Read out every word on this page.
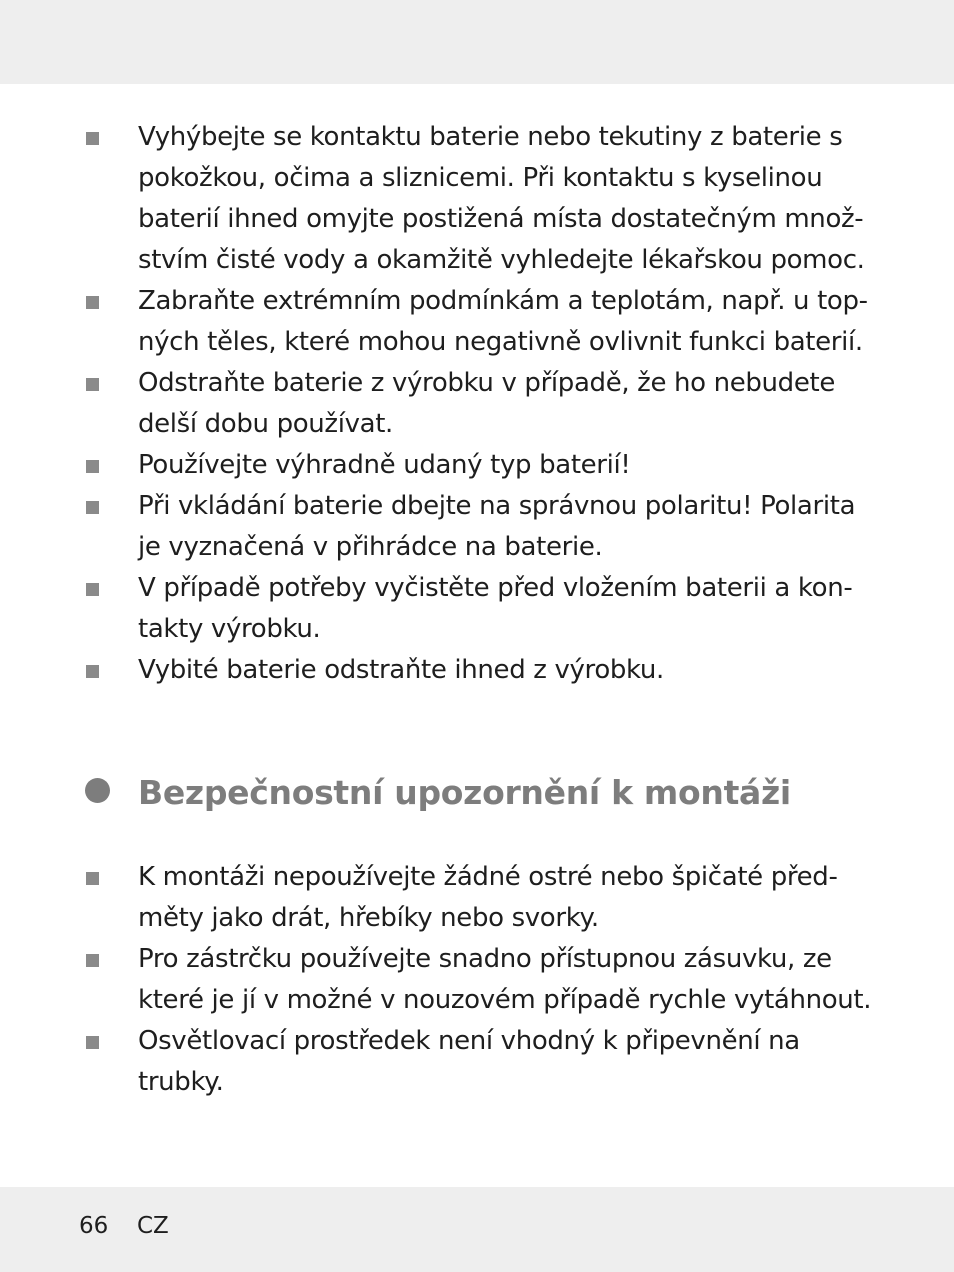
Vyhýbejte se kontaktu baterie nebo tekutiny z baterie s
pokožkou, očima a sliznicemi. Při kontaktu s kyselinou
baterií ihned omyjte postižená místa dostatečným množ-
stvím čisté vody a okamžitě vyhledejte lékařskou pomoc.
Zabraňte extrémním podmínkám a teplotám, např. u top-
ných těles, které mohou negativně ovlivnit funkci baterií.
Odstraňte baterie z výrobku v případě, že ho nebudete
delší dobu používat.
Používejte výhradně udaný typ baterií!
Při vkládání baterie dbejte na správnou polaritu! Polarita
je vyznačená v přihrádce na baterie.
V případě potřeby vyčistěte před vložením baterii a kon-
takty výrobku.
Vybité baterie odstraňte ihned z výrobku.
Bezpečnostní upozornění k montáži
K montáži nepoužívejte žádné ostré nebo špičaté před-
měty jako drát, hřebíky nebo svorky.
Pro zástrčku používejte snadno přístupnou zásuvku, ze
které je jí v možné v nouzovém případě rychle vytáhnout.
Osvětlovací prostředek není vhodný k připevnění na
trubky.
66 CZ
